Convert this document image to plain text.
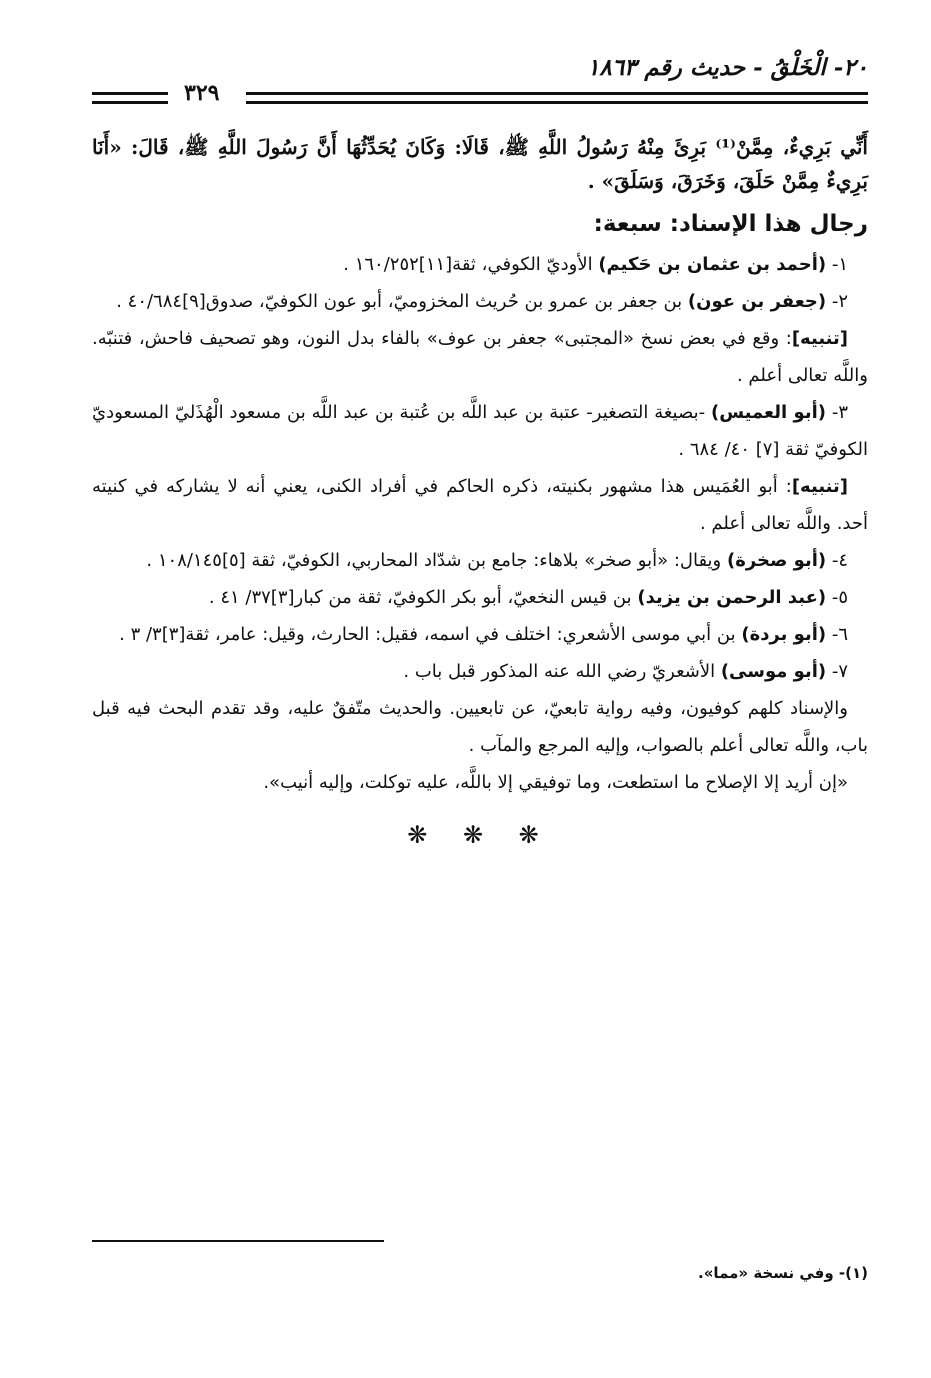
٢٠- الْخَلْقُ - حديث رقم ١٨٦٣
٣٢٩

أَنِّي بَرِيءٌ، مِمَّنْ⁽¹⁾ بَرِئَ مِنْهُ رَسُولُ اللَّهِ ﷺ، قَالَا: وَكَانَ يُحَدِّثُهَا أَنَّ رَسُولَ اللَّهِ ﷺ، قَالَ: «أَنَا بَرِيءٌ مِمَّنْ حَلَقَ، وَخَرَقَ، وَسَلَقَ» .

رجال هذا الإسناد: سبعة:

١- (أحمد بن عثمان بن حَكيم) الأوديّ الكوفي، ثقة[١١]١٦٠/٢٥٢ .

٢- (جعفر بن عون) بن جعفر بن عمرو بن حُريث المخزوميّ، أبو عون الكوفيّ، صدوق[٩]٤٠/٦٨٤ .

[تنبيه]: وقع في بعض نسخ «المجتبى» جعفر بن عوف» بالفاء بدل النون، وهو تصحيف فاحش، فتنبّه. واللَّه تعالى أعلم .

٣- (أبو العميس) -بصيغة التصغير- عتبة بن عبد اللَّه بن عُتبة بن عبد اللَّه بن مسعود الْهُذَليّ المسعوديّ الكوفيّ ثقة [٧] ٤٠/ ٦٨٤ .

[تنبيه]: أبو العُمَيس هذا مشهور بكنيته، ذكره الحاكم في أفراد الكنى، يعني أنه لا يشاركه في كنيته أحد. واللَّه تعالى أعلم .

٤- (أبو صخرة) ويقال: «أبو صخر» بلاهاء: جامع بن شدّاد المحاربي، الكوفيّ، ثقة [٥]١٠٨/١٤٥ .

٥- (عبد الرحمن بن يزيد) بن قيس النخعيّ، أبو بكر الكوفيّ، ثقة من كبار[٣]٣٧/ ٤١ .

٦- (أبو بردة) بن أبي موسى الأشعري: اختلف في اسمه، فقيل: الحارث، وقيل: عامر، ثقة[٣]٣/ ٣ .

٧- (أبو موسى) الأشعريّ رضي الله عنه المذكور قبل باب .

والإسناد كلهم كوفيون، وفيه رواية تابعيّ، عن تابعيين. والحديث متّفقٌ عليه، وقد تقدم البحث فيه قبل باب، واللَّه تعالى أعلم بالصواب، وإليه المرجع والمآب .

«إن أريد إلا الإصلاح ما استطعت، وما توفيقي إلا باللَّه، عليه توكلت، وإليه أنيب».

❋ ❋ ❋
(١)- وفي نسخة «مما».
